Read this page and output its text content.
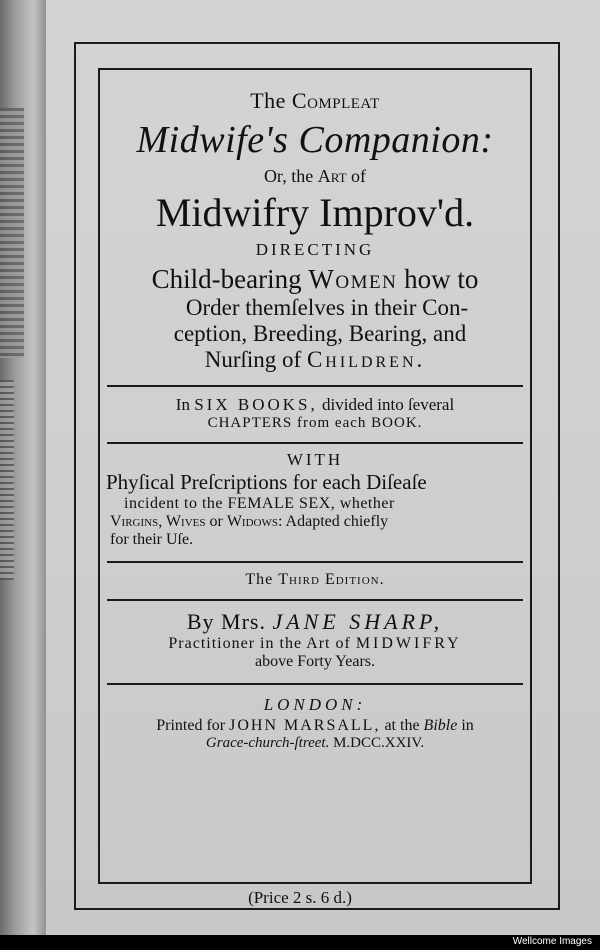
The Compleat
Midwife's Companion:
Or, the Art of
Midwifry Improv'd.
DIRECTING
Child-bearing Women how to
Order themſelves in their Con-
ception, Breeding, Bearing, and
Nurſing of Children.
In SIX BOOKS, divided into ſeveral
CHAPTERS from each BOOK.
WITH
Phyſical Preſcriptions for each Diſeaſe
incident to the FEMALE SEX, whether
Virgins, Wives or Widows: Adapted chiefly
for their Uſe.
The Third Edition.
By Mrs. JANE SHARP,
Practitioner in the Art of MIDWIFRY
above Forty Years.
LONDON:
Printed for JOHN MARSALL, at the Bible in
Grace-church-ſtreet. M.DCC.XXIV.
(Price 2 s. 6 d.)
Wellcome Images
